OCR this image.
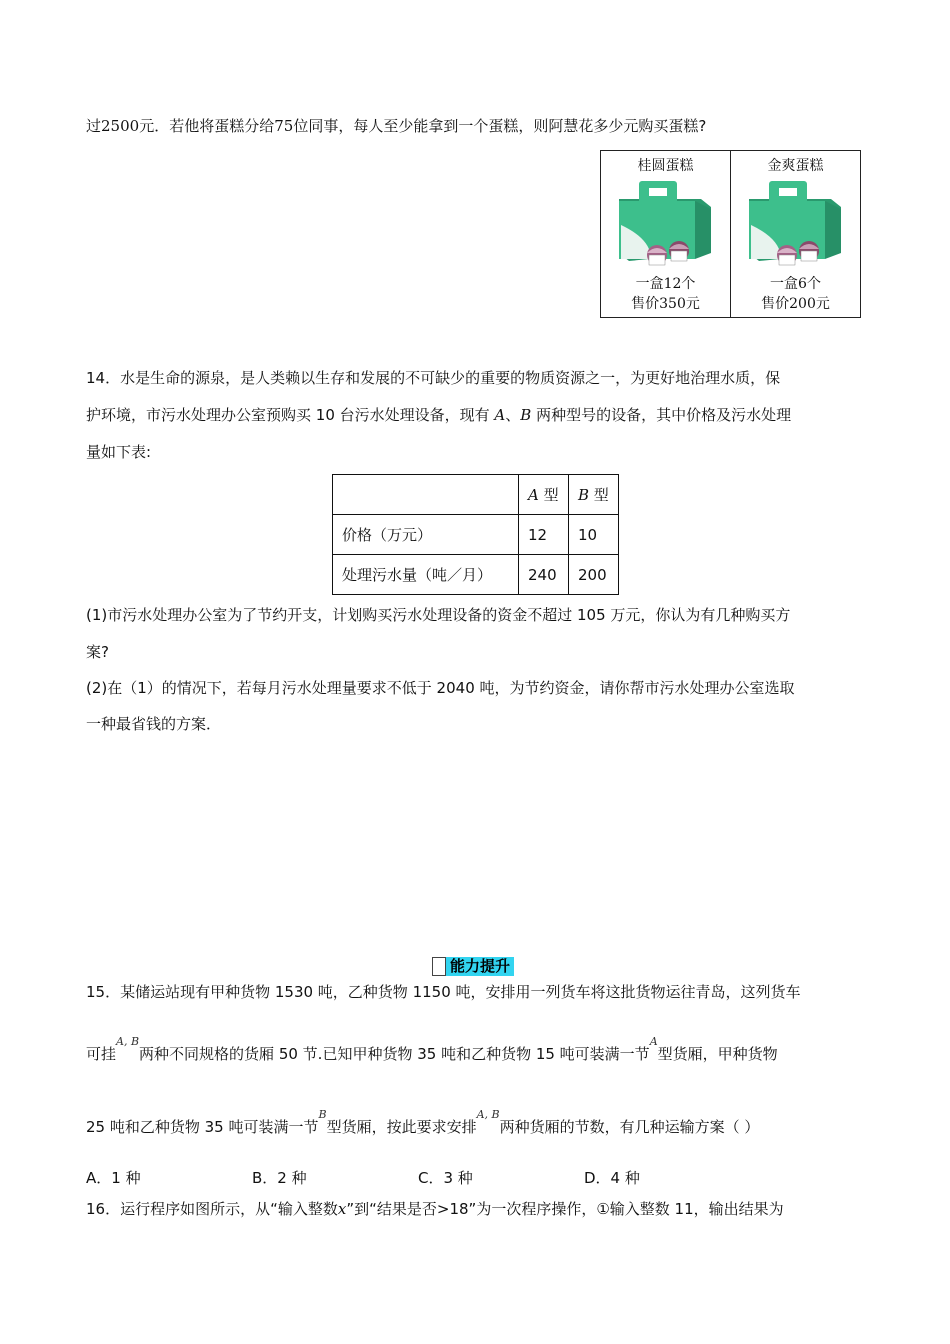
过2500元．若他将蛋糕分给75位同事，每人至少能拿到一个蛋糕，则阿慧花多少元购买蛋糕?
桂圆蛋糕
一盒12个
售价350元
金爽蛋糕
一盒6个
售价200元
14．水是生命的源泉，是人类赖以生存和发展的不可缺少的重要的物质资源之一，为更好地治理水质，保
护环境，市污水处理办公室预购买 10 台污水处理设备，现有 A、B 两种型号的设备，其中价格及污水处理
量如下表:
	A 型	B 型
价格（万元）	12	10
处理污水量（吨／月）	240	200
(1)市污水处理办公室为了节约开支，计划购买污水处理设备的资金不超过 105 万元，你认为有几种购买方
案?
(2)在（1）的情况下，若每月污水处理量要求不低于 2040 吨，为节约资金，请你帮市污水处理办公室选取
一种最省钱的方案．
能力提升
15．某储运站现有甲种货物 1530 吨，乙种货物 1150 吨，安排用一列货车将这批货物运往青岛，这列货车
可挂$^{A, B}$两种不同规格的货厢 50 节.已知甲种货物 35 吨和乙种货物 15 吨可装满一节$^A$型货厢，甲种货物
25 吨和乙种货物 35 吨可装满一节$^B$型货厢，按此要求安排$^{A, B}$两种货厢的节数，有几种运输方案（ ）
A．1 种	B．2 种	C．3 种	D．4 种
16．运行程序如图所示，从“输入整数x”到“结果是否>18”为一次程序操作，①输入整数 11，输出结果为
